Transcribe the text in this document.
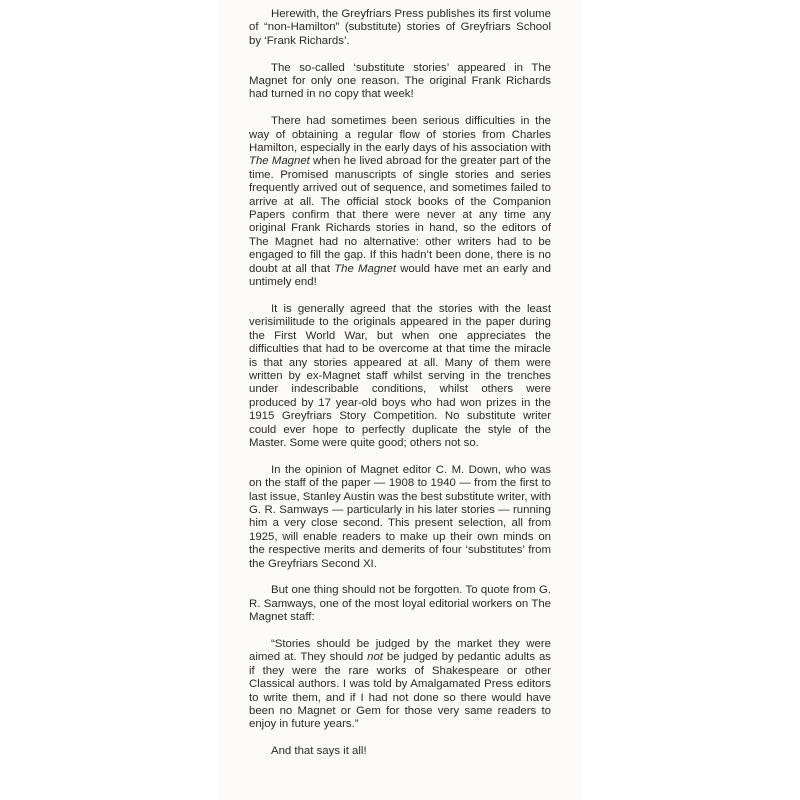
Herewith, the Greyfriars Press publishes its first volume of “non-Hamilton” (substitute) stories of Greyfriars School by ‘Frank Richards’.

The so-called ‘substitute stories’ appeared in The Magnet for only one reason. The original Frank Richards had turned in no copy that week!

There had sometimes been serious difficulties in the way of obtaining a regular flow of stories from Charles Hamilton, especially in the early days of his association with The Magnet when he lived abroad for the greater part of the time. Promised manuscripts of single stories and series frequently arrived out of sequence, and sometimes failed to arrive at all. The official stock books of the Companion Papers confirm that there were never at any time any original Frank Richards stories in hand, so the editors of The Magnet had no alternative: other writers had to be engaged to fill the gap. If this hadn’t been done, there is no doubt at all that The Magnet would have met an early and untimely end!

It is generally agreed that the stories with the least verisimilitude to the originals appeared in the paper during the First World War, but when one appreciates the difficulties that had to be overcome at that time the miracle is that any stories appeared at all. Many of them were written by ex-Magnet staff whilst serving in the trenches under indescribable conditions, whilst others were produced by 17 year-old boys who had won prizes in the 1915 Greyfriars Story Competition. No substitute writer could ever hope to perfectly duplicate the style of the Master. Some were quite good; others not so.

In the opinion of Magnet editor C. M. Down, who was on the staff of the paper — 1908 to 1940 — from the first to last issue, Stanley Austin was the best substitute writer, with G. R. Samways — particularly in his later stories — running him a very close second. This present selection, all from 1925, will enable readers to make up their own minds on the respective merits and demerits of four ‘substitutes’ from the Greyfriars Second XI.

But one thing should not be forgotten. To quote from G. R. Samways, one of the most loyal editorial workers on The Magnet staff:

“Stories should be judged by the market they were aimed at. They should not be judged by pedantic adults as if they were the rare works of Shakespeare or other Classical authors. I was told by Amalgamated Press editors to write them, and if I had not done so there would have been no Magnet or Gem for those very same readers to enjoy in future years.”

And that says it all!
